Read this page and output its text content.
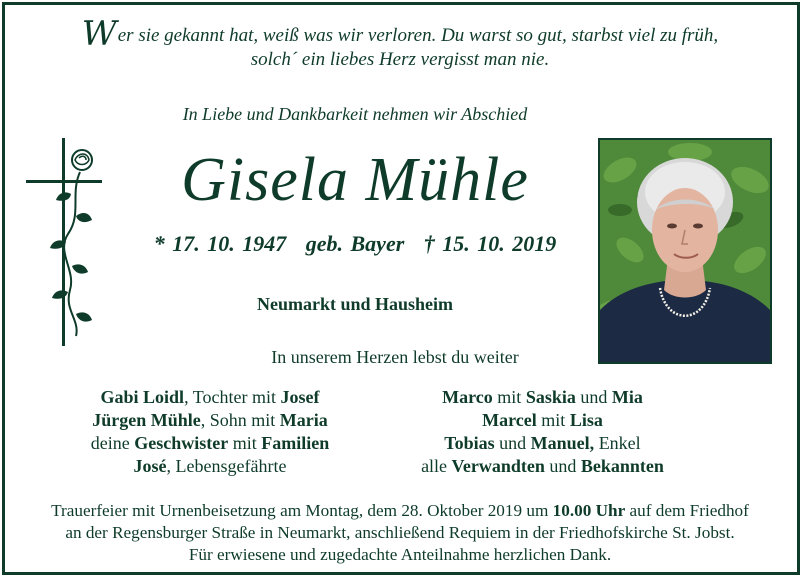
Wer sie gekannt hat, weiß was wir verloren. Du warst so gut, starbst viel zu früh,
solch´ ein liebes Herz vergisst man nie.
In Liebe und Dankbarkeit nehmen wir Abschied
Gisela Mühle
* 17. 10. 1947 geb. Bayer † 15. 10. 2019
Neumarkt und Hausheim
In unserem Herzen lebst du weiter
Gabi Loidl, Tochter mit Josef
Jürgen Mühle, Sohn mit Maria
deine Geschwister mit Familien
José, Lebensgefährte
Marco mit Saskia und Mia
Marcel mit Lisa
Tobias und Manuel, Enkel
alle Verwandten und Bekannten
Trauerfeier mit Urnenbeisetzung am Montag, dem 28. Oktober 2019 um 10.00 Uhr auf dem Friedhof
an der Regensburger Straße in Neumarkt, anschließend Requiem in der Friedhofskirche St. Jobst.
Für erwiesene und zugedachte Anteilnahme herzlichen Dank.
